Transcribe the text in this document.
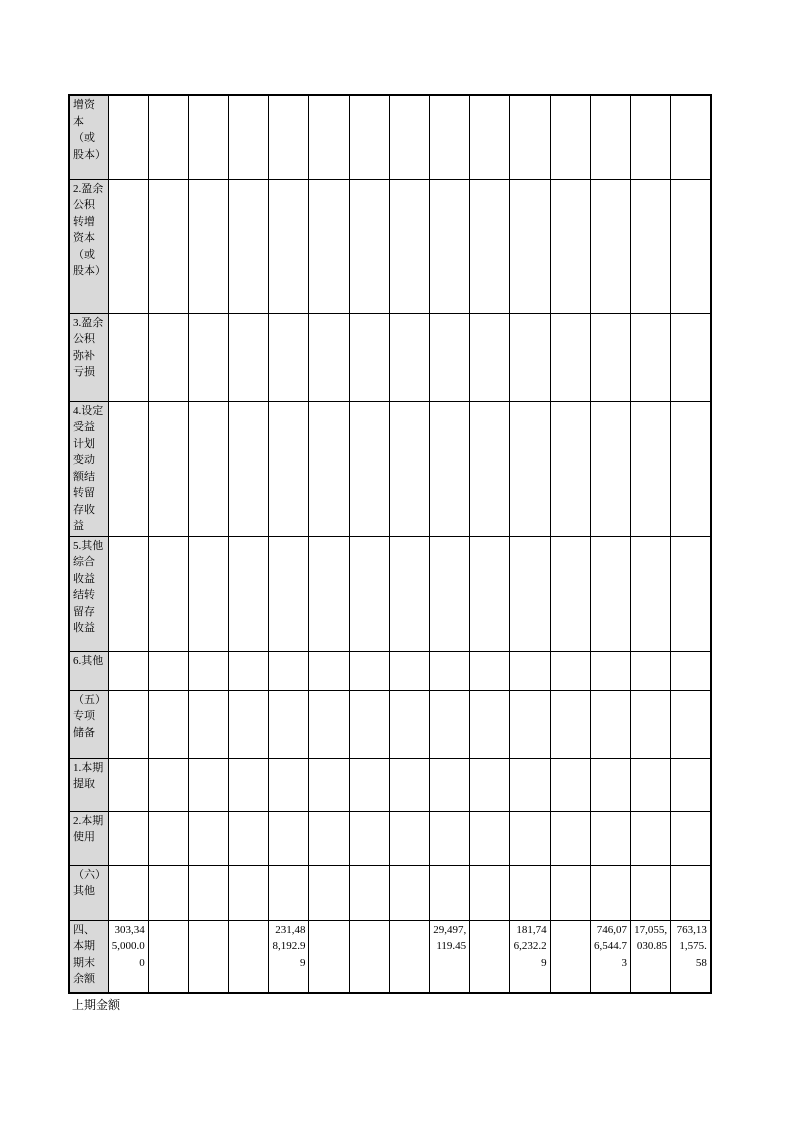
增资本（或股本）															
2.盈余公积转增资本（或股本）															
3.盈余公积弥补亏损															
4.设定受益计划变动额结转留存收益															
5.其他综合收益结转留存收益															
6.其他															
（五）专项储备															
1.本期提取															
2.本期使用															
（六）其他															
四、本期期末余额	303,345,000.00				231,488,192.99				29,497,119.45		181,746,232.29		746,076,544.73	17,055,030.85	763,131,575.58
上期金额
